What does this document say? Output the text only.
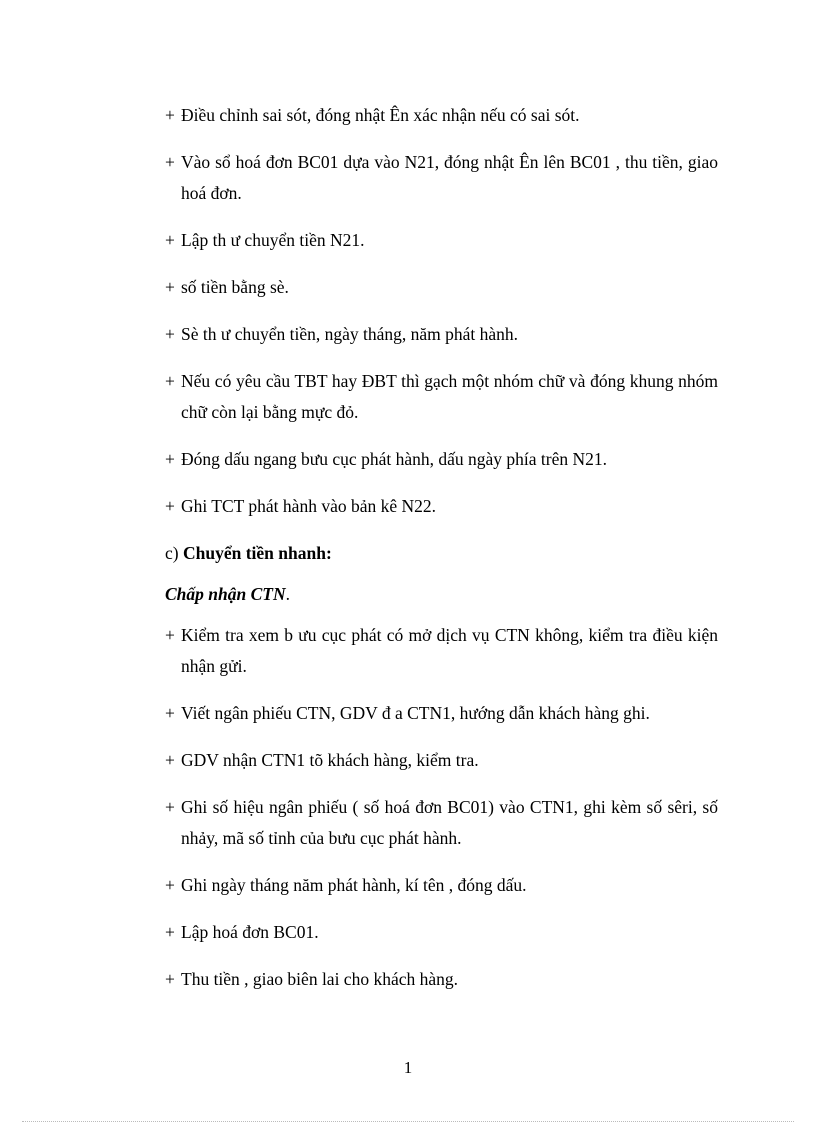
+ Điều chỉnh sai sót, đóng nhật Ên xác nhận nếu có sai sót.
+ Vào sổ hoá đơn BC01 dựa vào N21, đóng nhật Ên lên BC01 , thu tiền, giao hoá đơn.
+ Lập th ư chuyển tiền N21.
+ số tiền bằng sè.
+ Sè th ư chuyển tiền, ngày tháng, năm phát hành.
+ Nếu có yêu cầu TBT hay ĐBT thì gạch một nhóm chữ và đóng khung nhóm chữ còn lại bằng mực đỏ.
+ Đóng dấu ngang bưu cục phát hành, dấu ngày phía trên N21.
+ Ghi TCT phát hành vào bản kê N22.
c) Chuyển tiền nhanh:
Chấp nhận CTN.
+ Kiểm tra xem b ưu cục phát có mở dịch vụ CTN không, kiểm tra điều kiện nhận gửi.
+ Viết ngân phiếu CTN, GDV đ a CTN1, hướng dẫn khách hàng ghi.
+ GDV nhận CTN1 tõ khách hàng, kiểm tra.
+ Ghi số hiệu ngân phiếu ( số hoá đơn BC01) vào CTN1, ghi kèm số sêri, số nhảy, mã số tỉnh của bưu cục phát hành.
+ Ghi ngày tháng năm phát hành, kí tên , đóng dấu.
+ Lập hoá đơn BC01.
+ Thu tiền , giao biên lai cho khách hàng.
1
